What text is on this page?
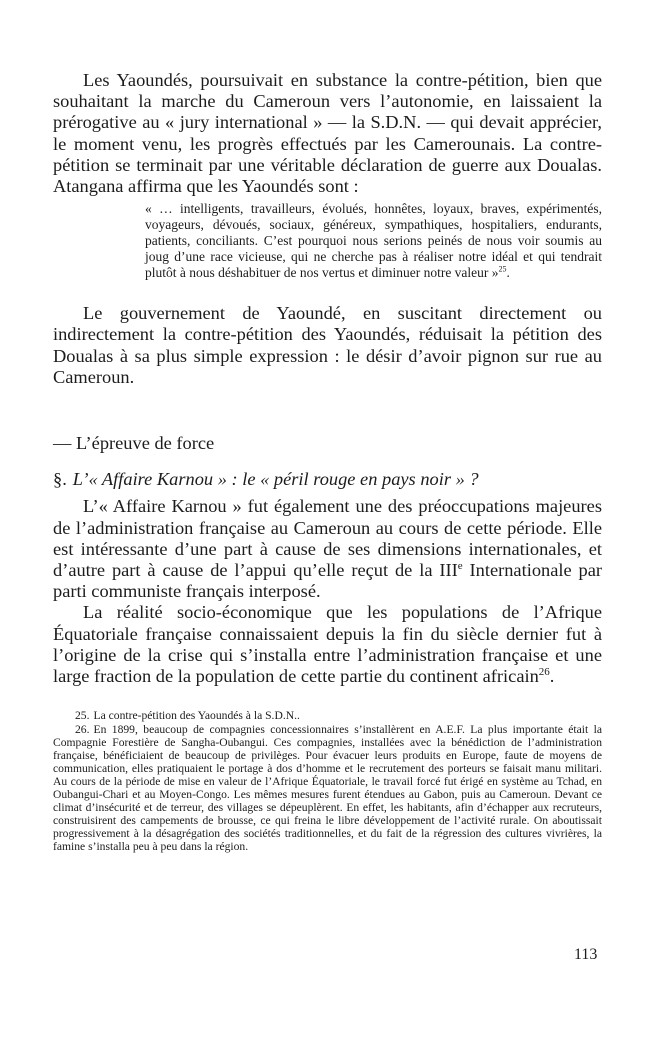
Les Yaoundés, poursuivait en substance la contre-pétition, bien que souhaitant la marche du Cameroun vers l’autonomie, en laissaient la prérogative au « jury international » — la S.D.N. — qui devait apprécier, le moment venu, les progrès effectués par les Camerounais. La contre-pétition se terminait par une véritable déclaration de guerre aux Doualas. Atangana affirma que les Yaoundés sont :

« … intelligents, travailleurs, évolués, honnêtes, loyaux, braves, expérimentés, voyageurs, dévoués, sociaux, généreux, sympathiques, hospitaliers, endurants, patients, conciliants. C’est pourquoi nous serions peinés de nous voir soumis au joug d’une race vicieuse, qui ne cherche pas à réaliser notre idéal et qui tendrait plutôt à nous déshabituer de nos vertus et diminuer notre valeur »$^{25}$.

Le gouvernement de Yaoundé, en suscitant directement ou indirectement la contre-pétition des Yaoundés, réduisait la pétition des Doualas à sa plus simple expression : le désir d’avoir pignon sur rue au Cameroun.

— L’épreuve de force

§. L’« Affaire Karnou » : le « péril rouge en pays noir » ?

L’« Affaire Karnou » fut également une des préoccupations majeures de l’administration française au Cameroun au cours de cette période. Elle est intéressante d’une part à cause de ses dimensions internationales, et d’autre part à cause de l’appui qu’elle reçut de la IIIe Internationale par parti communiste français interposé.

La réalité socio-économique que les populations de l’Afrique Équatoriale française connaissaient depuis la fin du siècle dernier fut à l’origine de la crise qui s’installa entre l’administration française et une large fraction de la population de cette partie du continent africain$^{26}$.

25. La contre-pétition des Yaoundés à la S.D.N..

26. En 1899, beaucoup de compagnies concessionnaires s’installèrent en A.E.F. La plus importante était la Compagnie Forestière de Sangha-Oubangui. Ces compagnies, installées avec la bénédiction de l’administration française, bénéficiaient de beaucoup de privilèges. Pour évacuer leurs produits en Europe, faute de moyens de communication, elles pratiquaient le portage à dos d’homme et le recrutement des porteurs se faisait manu militari. Au cours de la période de mise en valeur de l’Afrique Équatoriale, le travail forcé fut érigé en système au Tchad, en Oubangui-Chari et au Moyen-Congo. Les mêmes mesures furent étendues au Gabon, puis au Cameroun. Devant ce climat d’insécurité et de terreur, des villages se dépeuplèrent. En effet, les habitants, afin d’échapper aux recruteurs, construisirent des campements de brousse, ce qui freina le libre développement de l’activité rurale. On aboutissait progressivement à la désagrégation des sociétés traditionnelles, et du fait de la régression des cultures vivrières, la famine s’installa peu à peu dans la région.

113
